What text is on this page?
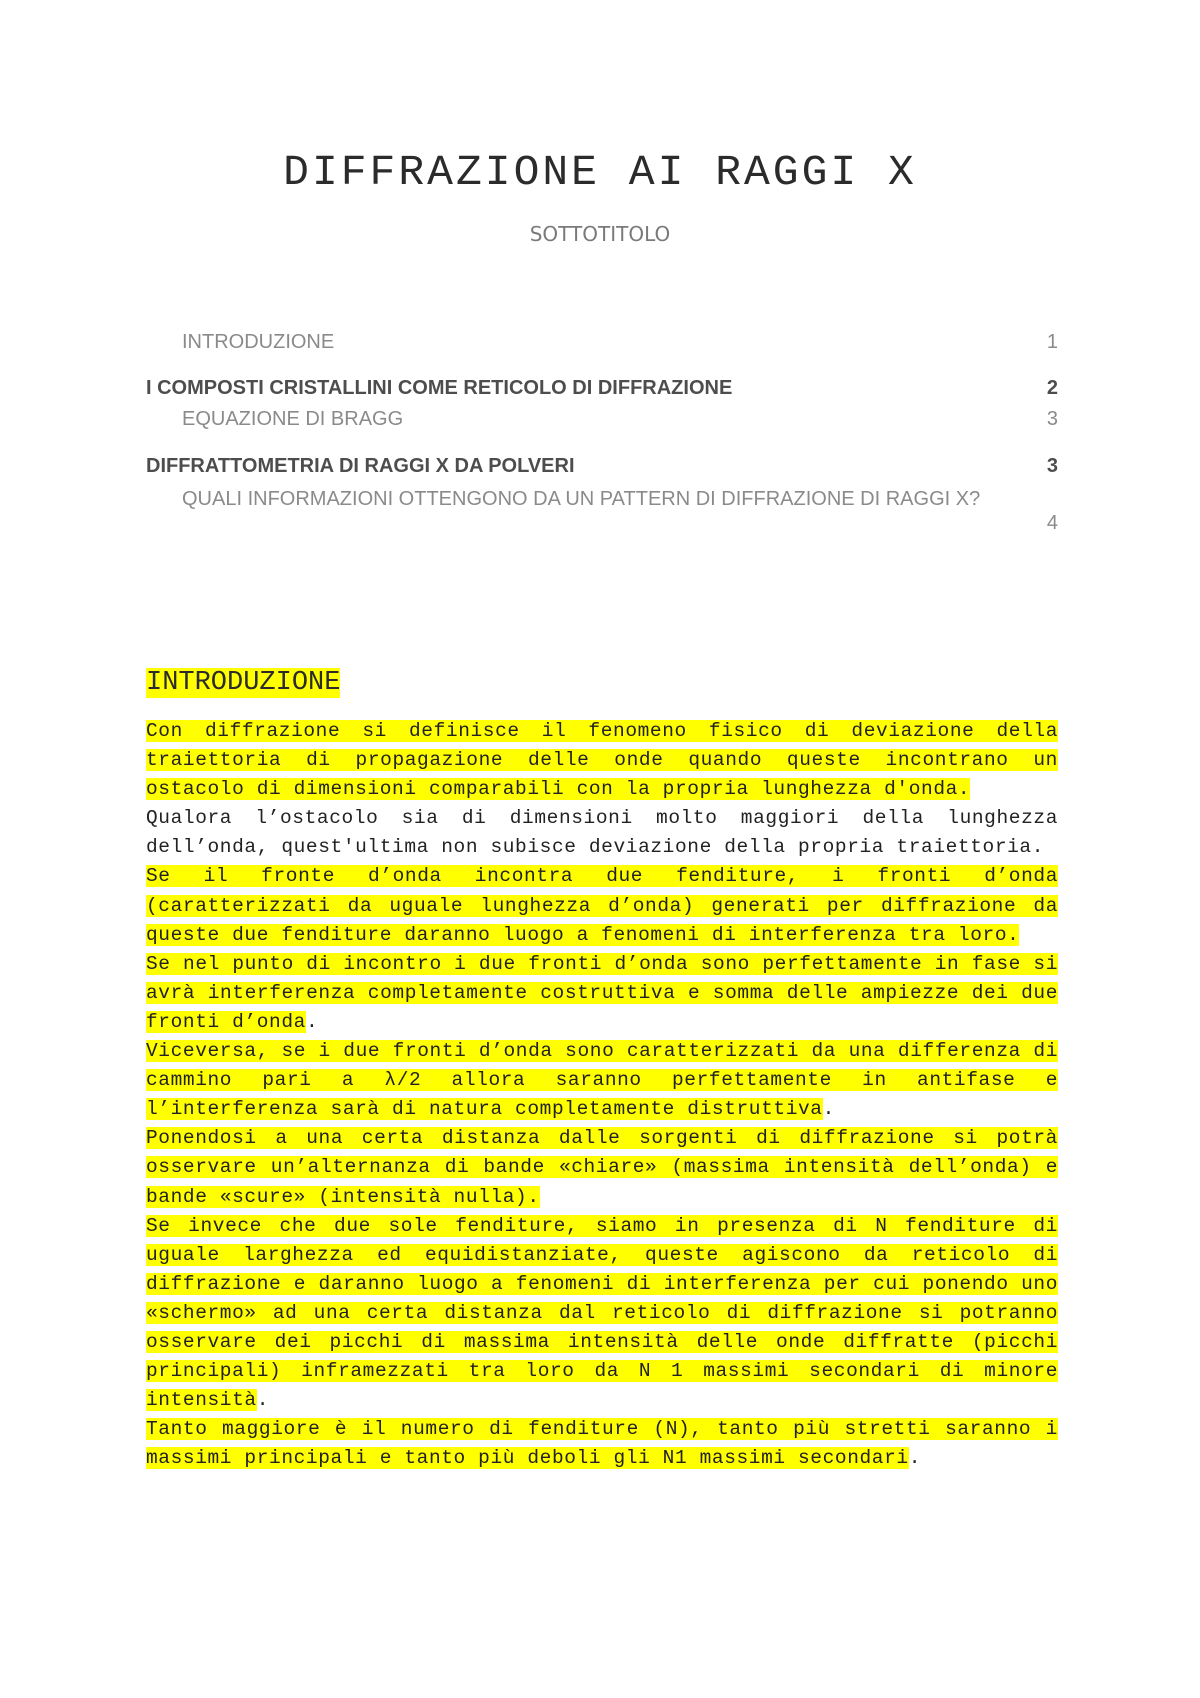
DIFFRAZIONE AI RAGGI X
SOTTOTITOLO
INTRODUZIONE	1
I COMPOSTI CRISTALLINI COME RETICOLO DI DIFFRAZIONE	2
EQUAZIONE DI BRAGG	3
DIFFRATTOMETRIA DI RAGGI X DA POLVERI	3
QUALI INFORMAZIONI OTTENGONO DA UN PATTERN DI DIFFRAZIONE DI RAGGI X?
4
INTRODUZIONE

Con diffrazione si definisce il fenomeno fisico di deviazione della traiettoria di propagazione delle onde quando queste incontrano un ostacolo di dimensioni comparabili con la propria lunghezza d'onda.

Qualora l’ostacolo sia di dimensioni molto maggiori della lunghezza dell’onda, quest'ultima non subisce deviazione della propria traiettoria.

Se il fronte d’onda incontra due fenditure, i fronti d’onda (caratterizzati da uguale lunghezza d’onda) generati per diffrazione da queste due fenditure daranno luogo a fenomeni di interferenza tra loro.

Se nel punto di incontro i due fronti d’onda sono perfettamente in fase si avrà interferenza completamente costruttiva e somma delle ampiezze dei due fronti d’onda.

Viceversa, se i due fronti d’onda sono caratterizzati da una differenza di cammino pari a λ/2 allora saranno perfettamente in antifase e l’interferenza sarà di natura completamente distruttiva.

Ponendosi a una certa distanza dalle sorgenti di diffrazione si potrà osservare un’alternanza di bande «chiare» (massima intensità dell’onda) e bande «scure» (intensità nulla).

Se invece che due sole fenditure, siamo in presenza di N fenditure di uguale larghezza ed equidistanziate, queste agiscono da reticolo di diffrazione e daranno luogo a fenomeni di interferenza per cui ponendo uno «schermo» ad una certa distanza dal reticolo di diffrazione si potranno osservare dei picchi di massima intensità delle onde diffratte (picchi principali) inframezzati tra loro da N 1 massimi secondari di minore intensità.

Tanto maggiore è il numero di fenditure (N), tanto più stretti saranno i massimi principali e tanto più deboli gli N1 massimi secondari.
